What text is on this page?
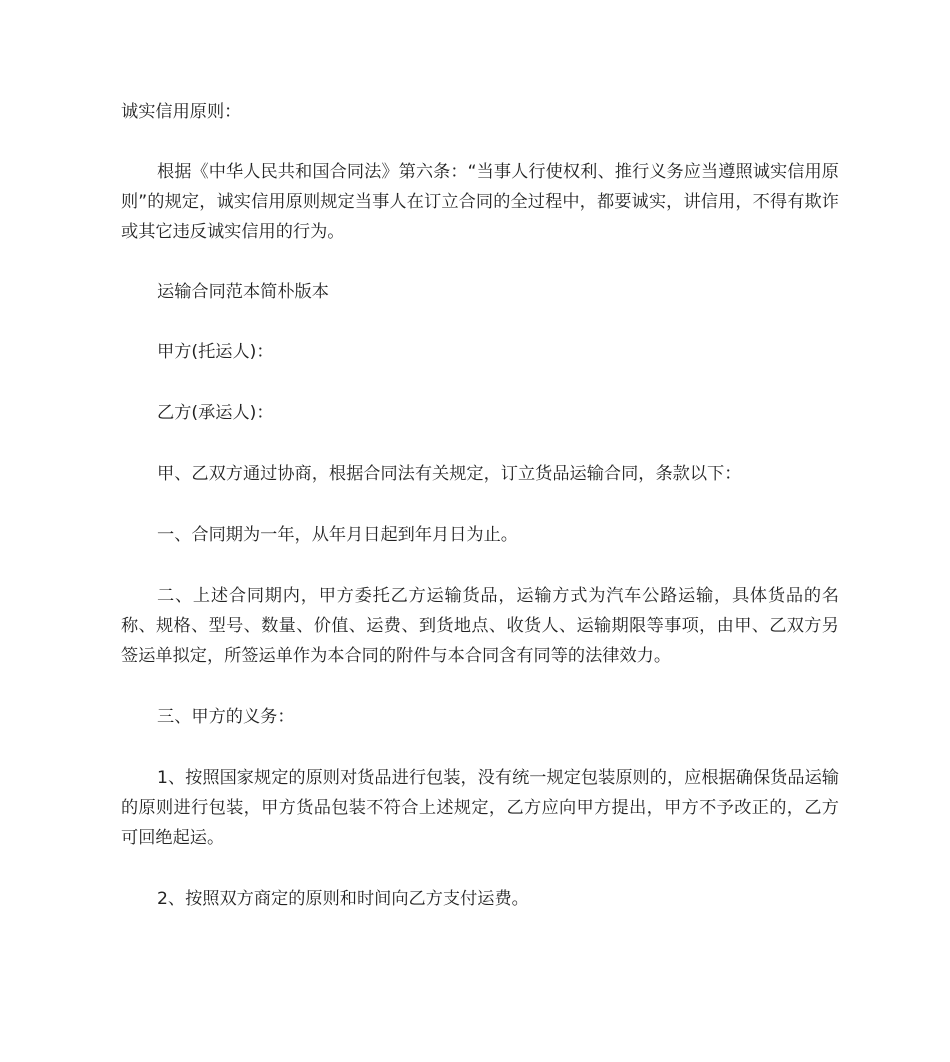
诚实信用原则：

根据《中华人民共和国合同法》第六条：“当事人行使权利、推行义务应当遵照诚实信用原则”的规定，诚实信用原则规定当事人在订立合同的全过程中，都要诚实，讲信用，不得有欺诈或其它违反诚实信用的行为。

运输合同范本简朴版本

甲方(托运人)：

乙方(承运人)：

甲、乙双方通过协商，根据合同法有关规定，订立货品运输合同，条款以下：

一、合同期为一年，从年月日起到年月日为止。

二、上述合同期内，甲方委托乙方运输货品，运输方式为汽车公路运输，具体货品的名称、规格、型号、数量、价值、运费、到货地点、收货人、运输期限等事项，由甲、乙双方另签运单拟定，所签运单作为本合同的附件与本合同含有同等的法律效力。

三、甲方的义务：

1、按照国家规定的原则对货品进行包装，没有统一规定包装原则的，应根据确保货品运输的原则进行包装，甲方货品包装不符合上述规定，乙方应向甲方提出，甲方不予改正的，乙方可回绝起运。

2、按照双方商定的原则和时间向乙方支付运费。
